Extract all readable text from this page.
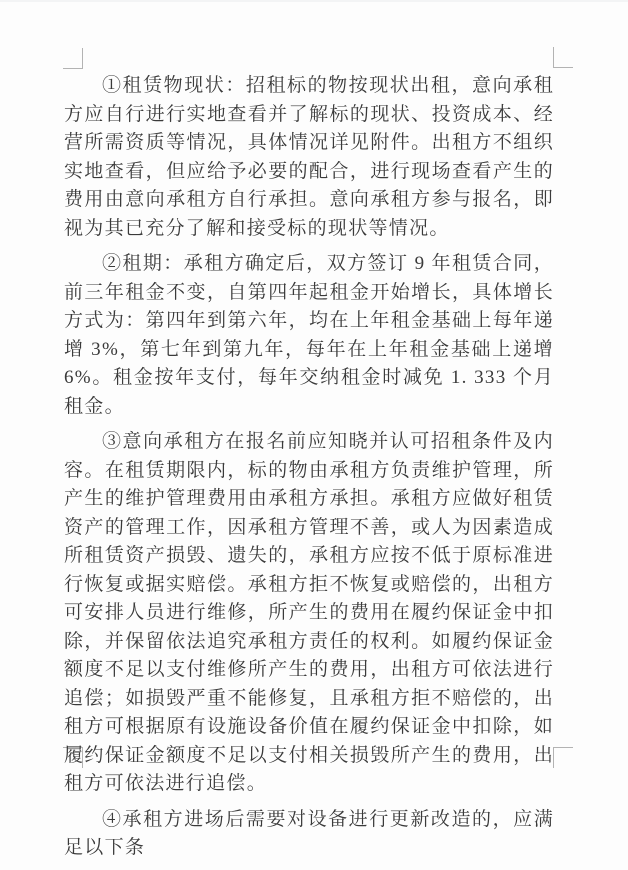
①租赁物现状：招租标的物按现状出租，意向承租方应自行进行实地查看并了解标的现状、投资成本、经营所需资质等情况，具体情况详见附件。出租方不组织实地查看，但应给予必要的配合，进行现场查看产生的费用由意向承租方自行承担。意向承租方参与报名，即视为其已充分了解和接受标的现状等情况。

②租期：承租方确定后，双方签订 9 年租赁合同，前三年租金不变，自第四年起租金开始增长，具体增长方式为：第四年到第六年，均在上年租金基础上每年递增 3%，第七年到第九年，每年在上年租金基础上递增 6%。租金按年支付，每年交纳租金时减免 1. 333 个月租金。

③意向承租方在报名前应知晓并认可招租条件及内容。在租赁期限内，标的物由承租方负责维护管理，所产生的维护管理费用由承租方承担。承租方应做好租赁资产的管理工作，因承租方管理不善，或人为因素造成所租赁资产损毁、遗失的，承租方应按不低于原标准进行恢复或据实赔偿。承租方拒不恢复或赔偿的，出租方可安排人员进行维修，所产生的费用在履约保证金中扣除，并保留依法追究承租方责任的权利。如履约保证金额度不足以支付维修所产生的费用，出租方可依法进行追偿；如损毁严重不能修复，且承租方拒不赔偿的，出租方可根据原有设施设备价值在履约保证金中扣除，如履约保证金额度不足以支付相关损毁所产生的费用，出租方可依法进行追偿。

④承租方进场后需要对设备进行更新改造的，应满足以下条
